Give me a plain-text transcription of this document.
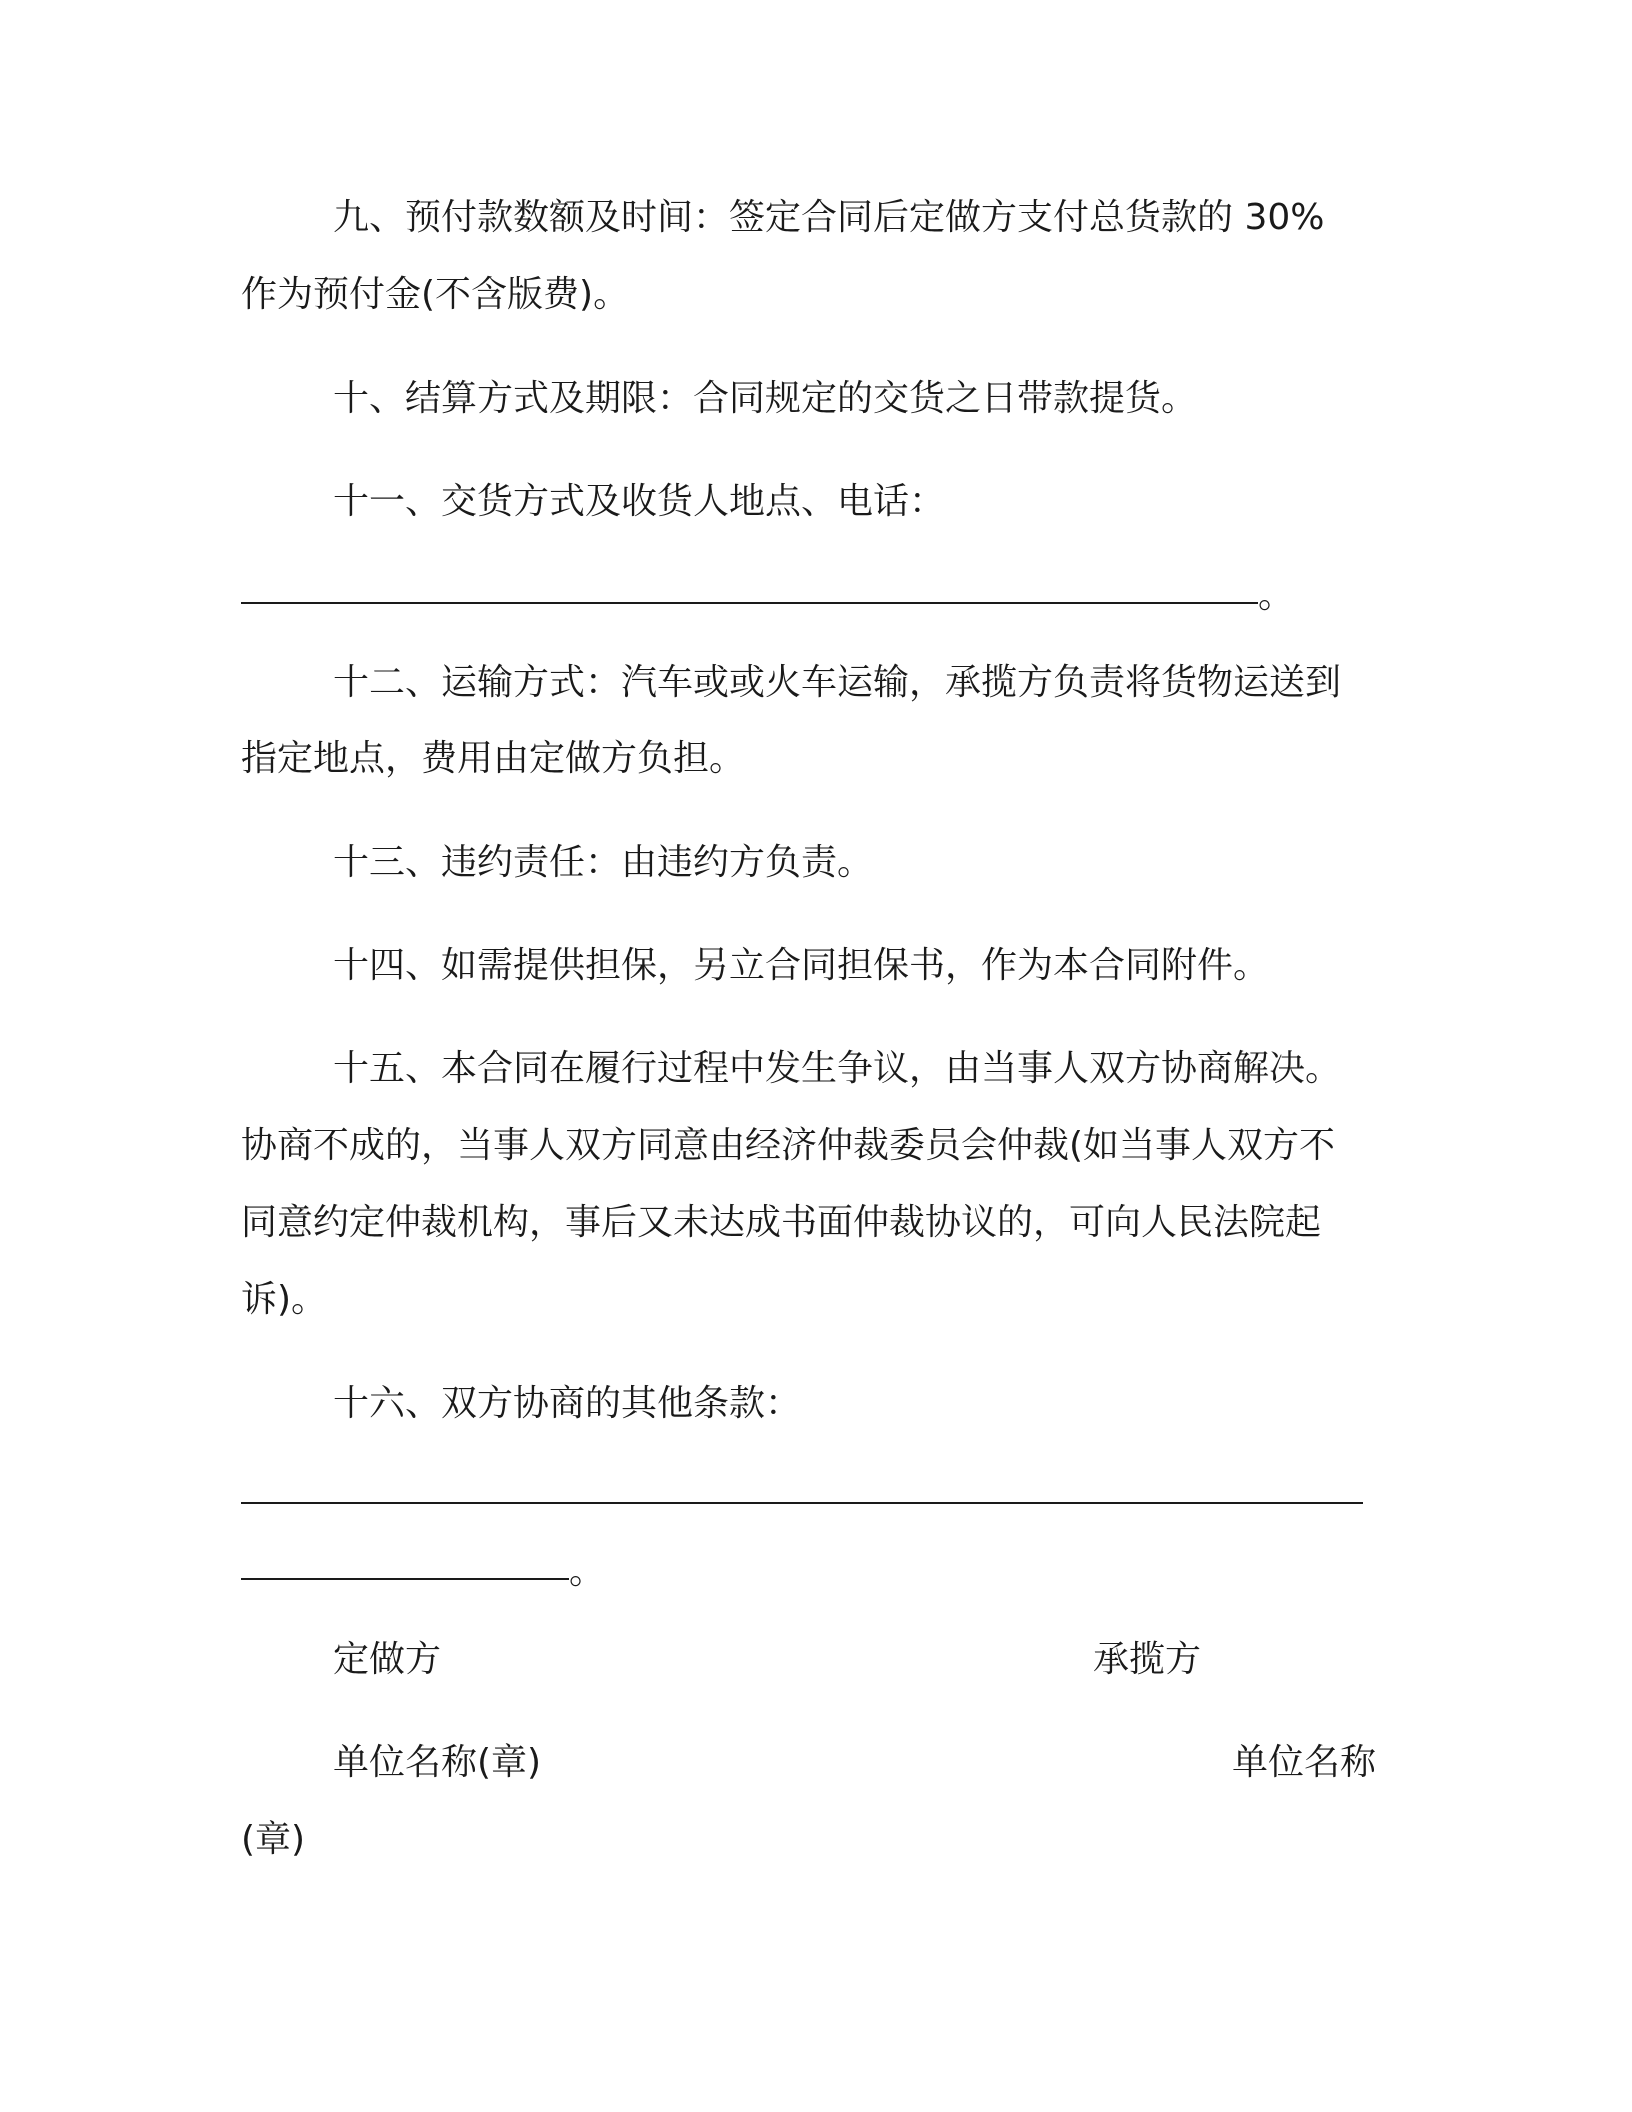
九、预付款数额及时间：签定合同后定做方支付总货款的 30%
作为预付金(不含版费)。
十、结算方式及期限：合同规定的交货之日带款提货。
十一、交货方式及收货人地点、电话：
。
十二、运输方式：汽车或或火车运输，承揽方负责将货物运送到
指定地点，费用由定做方负担。
十三、违约责任：由违约方负责。
十四、如需提供担保，另立合同担保书，作为本合同附件。
十五、本合同在履行过程中发生争议，由当事人双方协商解决。
协商不成的，当事人双方同意由经济仲裁委员会仲裁(如当事人双方不
同意约定仲裁机构，事后又未达成书面仲裁协议的，可向人民法院起
诉)。
十六、双方协商的其他条款：
。
定做方	承揽方
单位名称(章)	单位名称
(章)
